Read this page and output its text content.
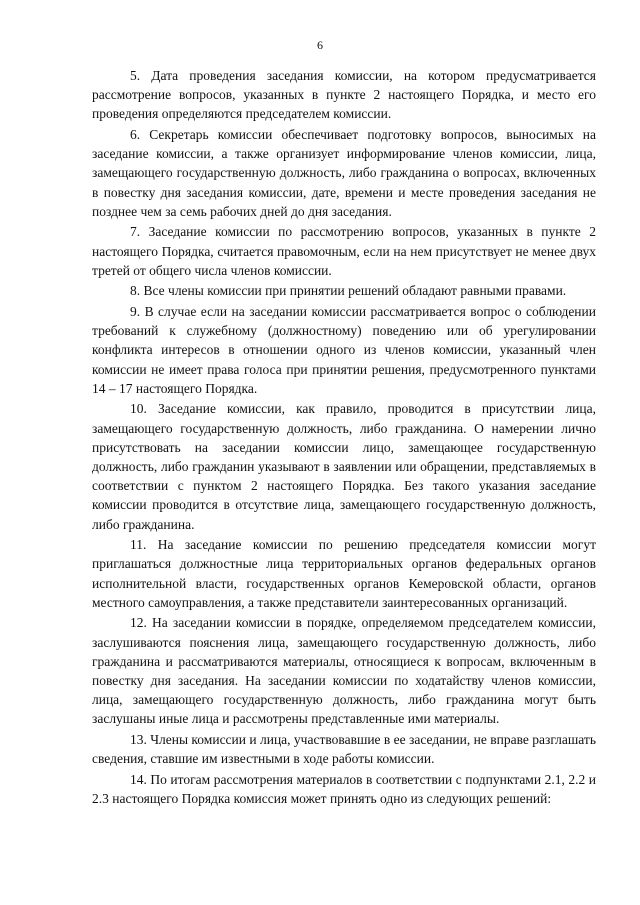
6

5. Дата проведения заседания комиссии, на котором предусматривается рассмотрение вопросов, указанных в пункте 2 настоящего Порядка, и место его проведения определяются председателем комиссии.

6. Секретарь комиссии обеспечивает подготовку вопросов, выносимых на заседание комиссии, а также организует информирование членов комиссии, лица, замещающего государственную должность, либо гражданина о вопросах, включенных в повестку дня заседания комиссии, дате, времени и месте проведения заседания не позднее чем за семь рабочих дней до дня заседания.

7. Заседание комиссии по рассмотрению вопросов, указанных в пункте 2 настоящего Порядка, считается правомочным, если на нем присутствует не менее двух третей от общего числа членов комиссии.

8. Все члены комиссии при принятии решений обладают равными правами.

9. В случае если на заседании комиссии рассматривается вопрос о соблюдении требований к служебному (должностному) поведению или об урегулировании конфликта интересов в отношении одного из членов комиссии, указанный член комиссии не имеет права голоса при принятии решения, предусмотренного пунктами 14 – 17 настоящего Порядка.

10. Заседание комиссии, как правило, проводится в присутствии лица, замещающего государственную должность, либо гражданина. О намерении лично присутствовать на заседании комиссии лицо, замещающее государственную должность, либо гражданин указывают в заявлении или обращении, представляемых в соответствии с пунктом 2 настоящего Порядка. Без такого указания заседание комиссии проводится в отсутствие лица, замещающего государственную должность, либо гражданина.

11. На заседание комиссии по решению председателя комиссии могут приглашаться должностные лица территориальных органов федеральных органов исполнительной власти, государственных органов Кемеровской области, органов местного самоуправления, а также представители заинтересованных организаций.

12. На заседании комиссии в порядке, определяемом председателем комиссии, заслушиваются пояснения лица, замещающего государственную должность, либо гражданина и рассматриваются материалы, относящиеся к вопросам, включенным в повестку дня заседания. На заседании комиссии по ходатайству членов комиссии, лица, замещающего государственную должность, либо гражданина могут быть заслушаны иные лица и рассмотрены представленные ими материалы.

13. Члены комиссии и лица, участвовавшие в ее заседании, не вправе разглашать сведения, ставшие им известными в ходе работы комиссии.

14. По итогам рассмотрения материалов в соответствии с подпунктами 2.1, 2.2 и 2.3 настоящего Порядка комиссия может принять одно из следующих решений:
